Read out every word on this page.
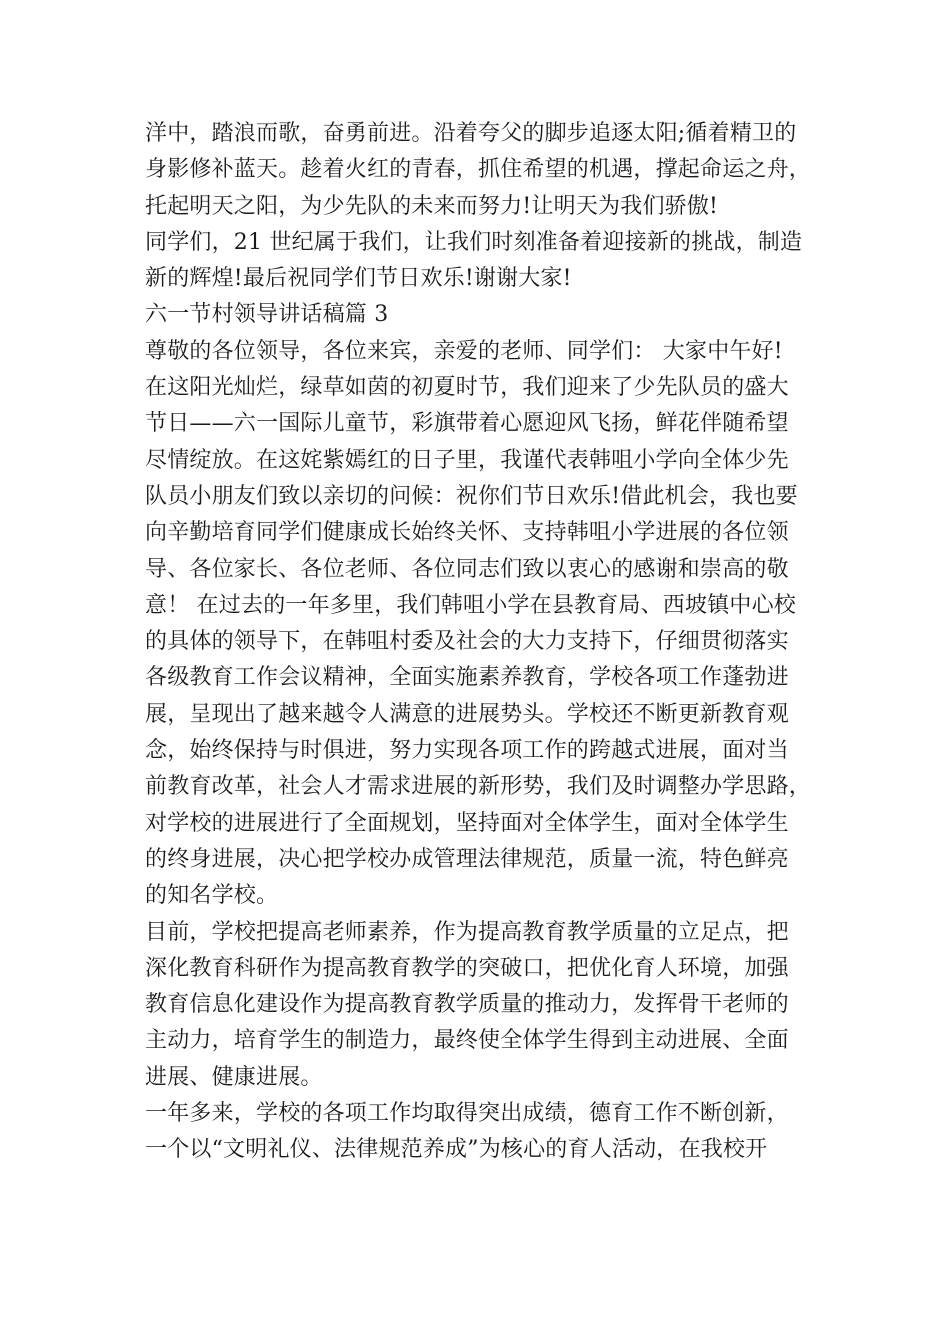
洋中，踏浪而歌，奋勇前进。沿着夸父的脚步追逐太阳;循着精卫的
身影修补蓝天。趁着火红的青春，抓住希望的机遇，撑起命运之舟，
托起明天之阳，为少先队的未来而努力!让明天为我们骄傲!
同学们，21 世纪属于我们，让我们时刻准备着迎接新的挑战，制造
新的辉煌!最后祝同学们节日欢乐!谢谢大家!
六一节村领导讲话稿篇 3
尊敬的各位领导，各位来宾，亲爱的老师、同学们： 大家中午好!
在这阳光灿烂，绿草如茵的初夏时节，我们迎来了少先队员的盛大
节日——六一国际儿童节，彩旗带着心愿迎风飞扬，鲜花伴随希望
尽情绽放。在这姹紫嫣红的日子里，我谨代表韩咀小学向全体少先
队员小朋友们致以亲切的问候：祝你们节日欢乐!借此机会，我也要
向辛勤培育同学们健康成长始终关怀、支持韩咀小学进展的各位领
导、各位家长、各位老师、各位同志们致以衷心的感谢和崇高的敬
意！ 在过去的一年多里，我们韩咀小学在县教育局、西坡镇中心校
的具体的领导下，在韩咀村委及社会的大力支持下，仔细贯彻落实
各级教育工作会议精神，全面实施素养教育，学校各项工作蓬勃进
展，呈现出了越来越令人满意的进展势头。学校还不断更新教育观
念，始终保持与时俱进，努力实现各项工作的跨越式进展，面对当
前教育改革，社会人才需求进展的新形势，我们及时调整办学思路，
对学校的进展进行了全面规划，坚持面对全体学生，面对全体学生
的终身进展，决心把学校办成管理法律规范，质量一流，特色鲜亮
的知名学校。
目前，学校把提高老师素养，作为提高教育教学质量的立足点，把
深化教育科研作为提高教育教学的突破口，把优化育人环境，加强
教育信息化建设作为提高教育教学质量的推动力，发挥骨干老师的
主动力，培育学生的制造力，最终使全体学生得到主动进展、全面
进展、健康进展。
一年多来，学校的各项工作均取得突出成绩，德育工作不断创新，
一个以“文明礼仪、法律规范养成”为核心的育人活动，在我校开
